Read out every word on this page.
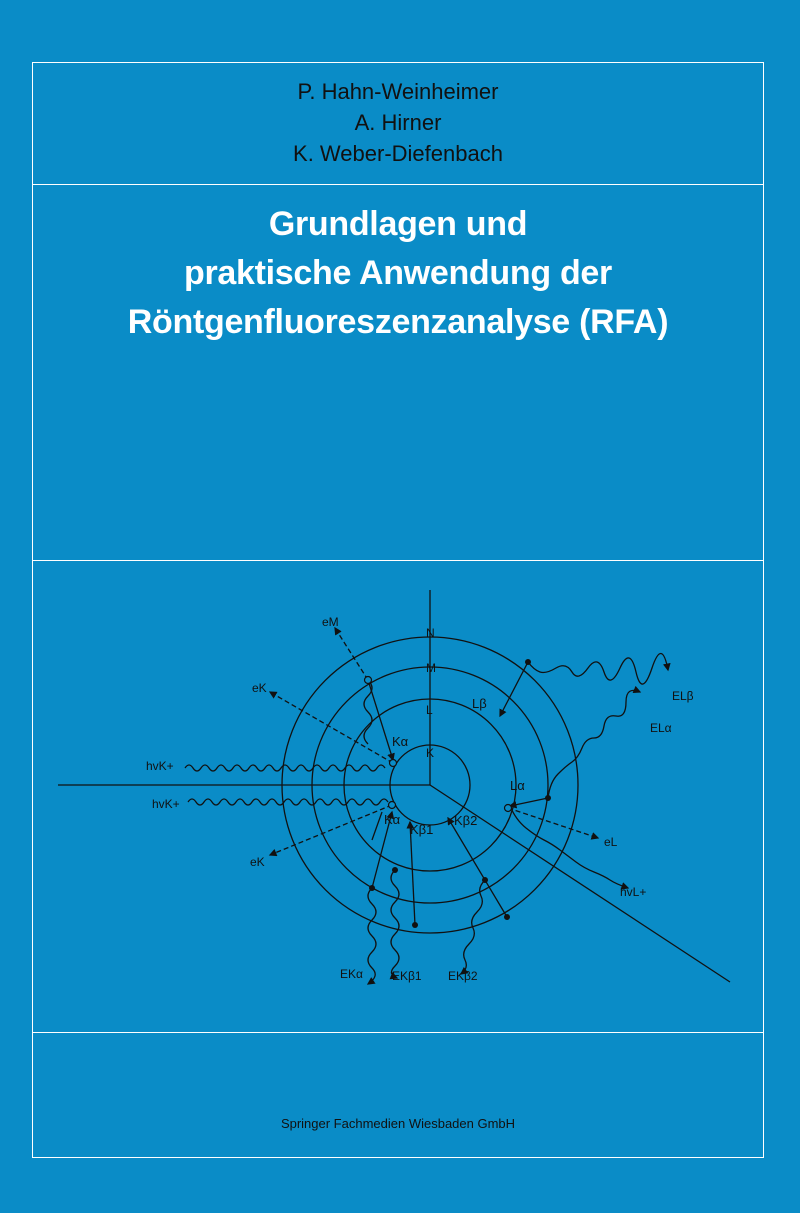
P. Hahn-Weinheimer
A. Hirner
K. Weber-Diefenbach
Grundlagen und
praktische Anwendung der
Röntgenfluoreszenzanalyse (RFA)
N
M
L
K
Lβ
Kα
Lα
Kα
Kβ1
Kβ2
eM
eK
eK
eL
hvK+
hvK+
hvL+
ELβ
ELα
EKα EKβ1 EKβ2
Springer Fachmedien Wiesbaden GmbH
